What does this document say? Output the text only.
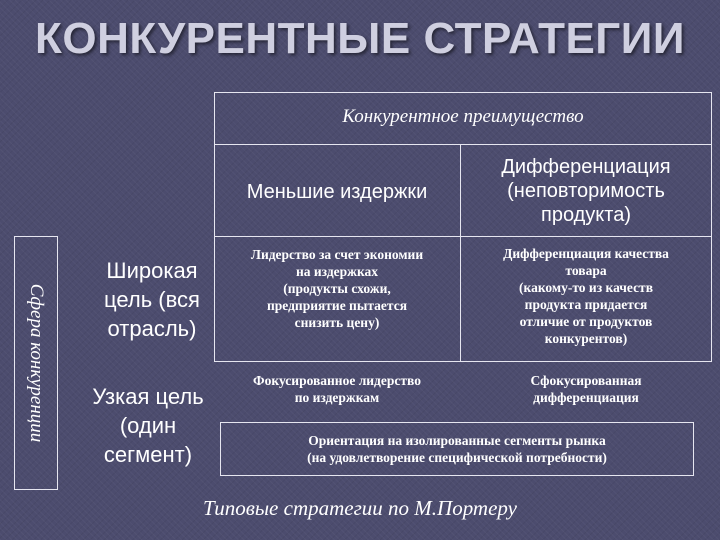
КОНКУРЕНТНЫЕ СТРАТЕГИИ
Конкурентное преимущество
Меньшие издержки
Дифференциация
(неповторимость
продукта)
Сфера конкуренции
Широкая
цель (вся
отрасль)
Узкая цель
(один
сегмент)
Лидерство за счет экономии
на издержках
(продукты схожи,
предприятие пытается
снизить цену)
Дифференциация качества
товара
(какому-то из качеств
продукта придается
отличие от продуктов
конкурентов)
Фокусированное лидерство
по издержкам
Сфокусированная
дифференциация
Ориентация на изолированные сегменты рынка
(на удовлетворение специфической потребности)
Типовые стратегии по М.Портеру
